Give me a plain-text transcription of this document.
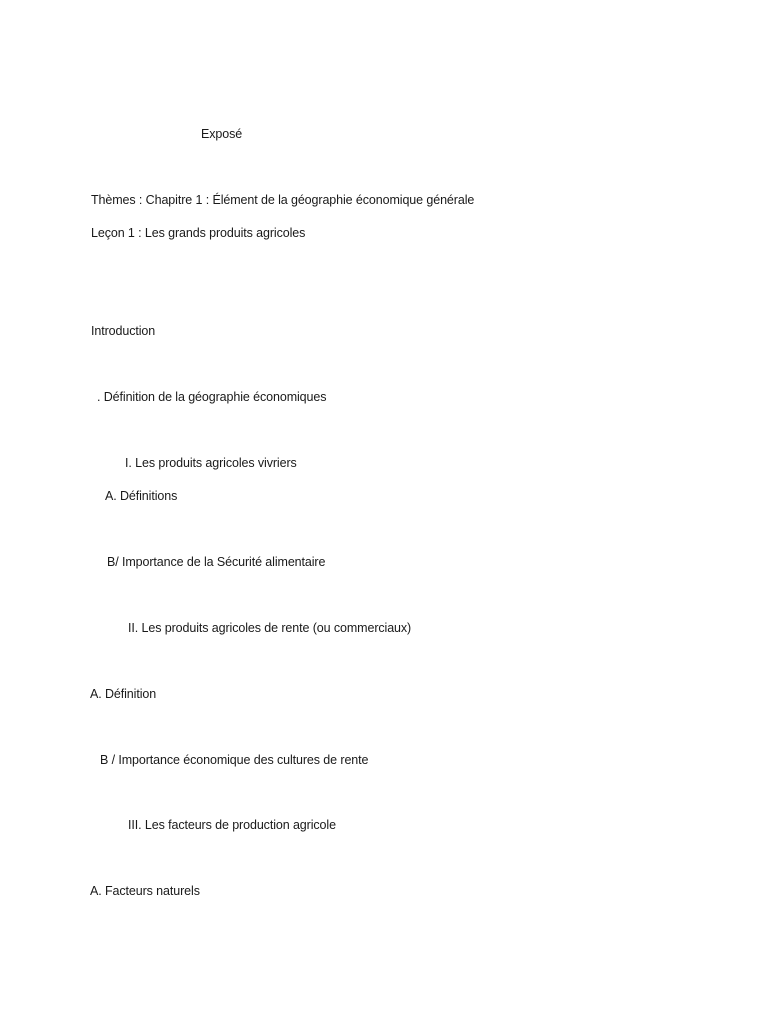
Exposé
Thèmes : Chapitre 1 : Élément de la géographie économique générale
Leçon 1 : Les grands produits agricoles
Introduction
. Définition de la géographie économiques
I. Les produits agricoles vivriers
A. Définitions
B/ Importance de la Sécurité alimentaire
II. Les produits agricoles de rente (ou commerciaux)
A. Définition
B / Importance économique des cultures de rente
III. Les facteurs de production agricole
A. Facteurs naturels
